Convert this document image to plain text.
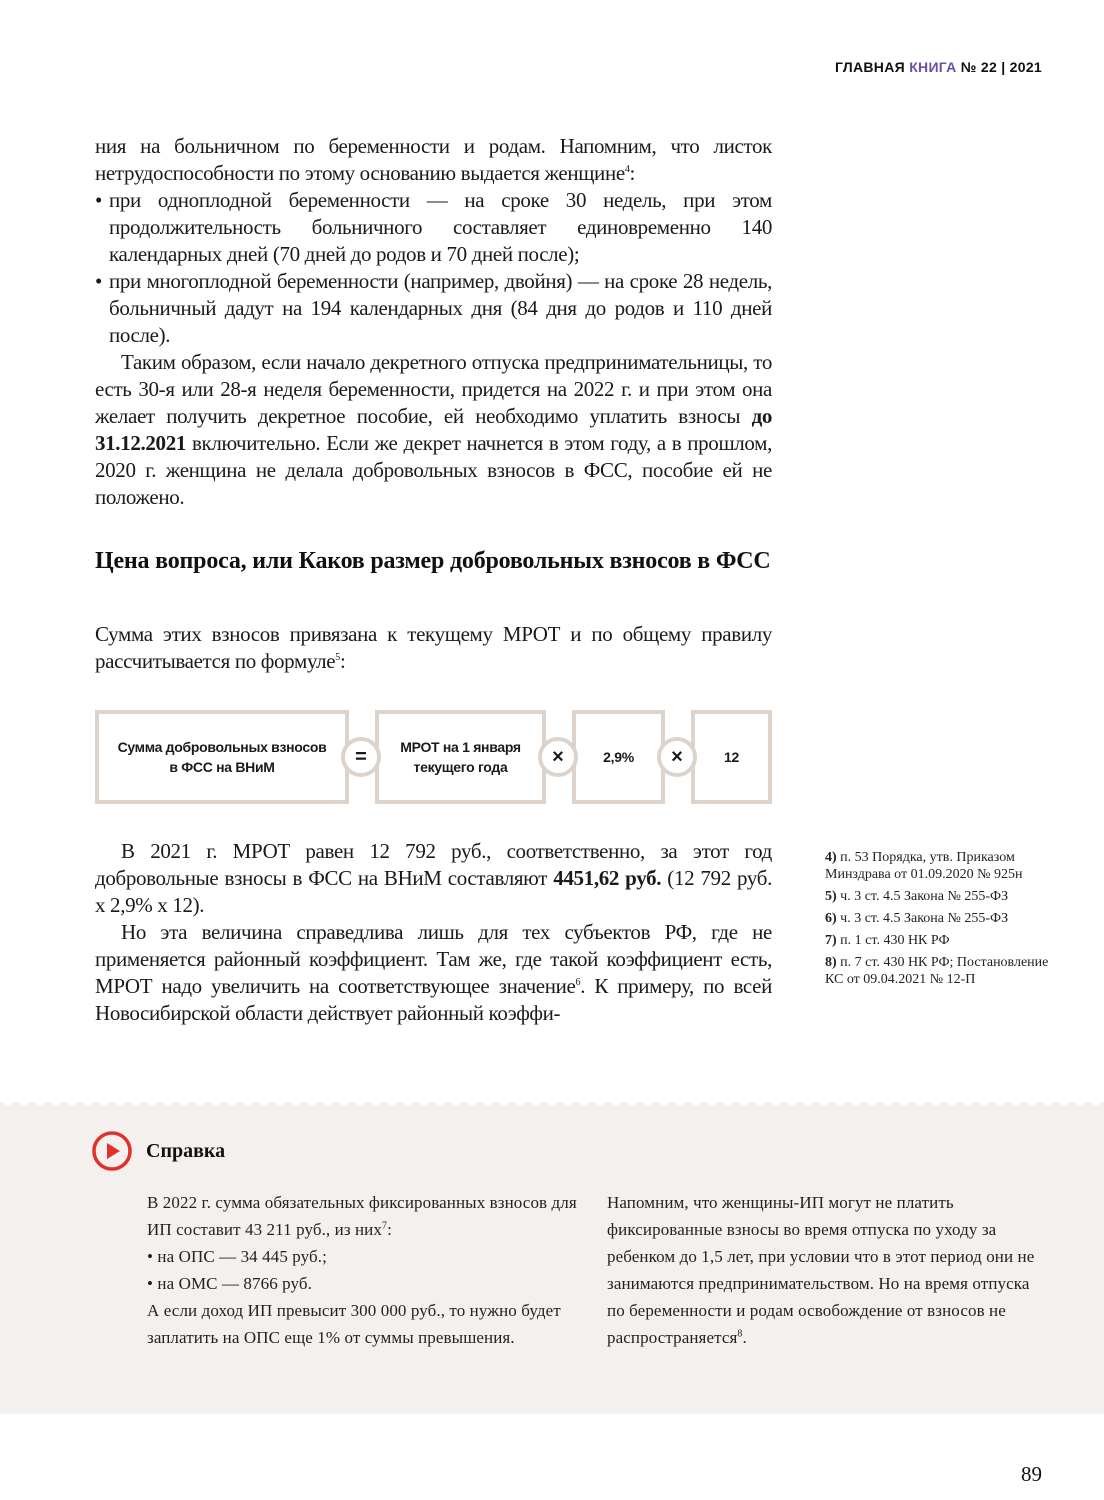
ГЛАВНАЯ КНИГА № 22 | 2021

ния на больничном по беременности и родам. Напомним, что листок нетрудоспособности по этому основанию выдается женщине$^4$:

• при одноплодной беременности — на сроке 30 недель, при этом продолжительность больничного составляет единовременно 140 календарных дней (70 дней до родов и 70 дней после);

• при многоплодной беременности (например, двойня) — на сроке 28 недель, больничный дадут на 194 календарных дня (84 дня до родов и 110 дней после).

Таким образом, если начало декретного отпуска предпринимательницы, то есть 30-я или 28-я неделя беременности, придется на 2022 г. и при этом она желает получить декретное пособие, ей необходимо уплатить взносы до 31.12.2021 включительно. Если же декрет начнется в этом году, а в прошлом, 2020 г. женщина не делала добровольных взносов в ФСС, пособие ей не положено.

Цена вопроса, или Каков размер добровольных взносов в ФСС

Сумма этих взносов привязана к текущему МРОТ и по общему правилу рассчитывается по формуле$^5$:

Сумма добровольных взносов
в ФСС на ВНиМ	=	МРОТ на 1 января
текущего года	×	2,9%	×	12

В 2021 г. МРОТ равен 12 792 руб., соответственно, за этот год добровольные взносы в ФСС на ВНиМ составляют 4451,62 руб. (12 792 руб. х 2,9% х 12).

Но эта величина справедлива лишь для тех субъектов РФ, где не применяется районный коэффициент. Там же, где такой коэффициент есть, МРОТ надо увеличить на соответствующее значение$^6$. К примеру, по всей Новосибирской области действует районный коэффи-

4) п. 53 Порядка, утв. Приказом Минздрава от 01.09.2020 № 925н

5) ч. 3 ст. 4.5 Закона № 255-ФЗ

6) ч. 3 ст. 4.5 Закона № 255-ФЗ

7) п. 1 ст. 430 НК РФ

8) п. 7 ст. 430 НК РФ; Постановление КС от 09.04.2021 № 12-П

Справка

В 2022 г. сумма обязательных фиксированных взносов для ИП составит 43 211 руб., из них$^7$:

• на ОПС — 34 445 руб.;

• на ОМС — 8766 руб.

А если доход ИП превысит 300 000 руб., то нужно будет заплатить на ОПС еще 1% от суммы превышения.

Напомним, что женщины-ИП могут не платить фиксированные взносы во время отпуска по уходу за ребенком до 1,5 лет, при условии что в этот период они не занимаются предпринимательством. Но на время отпуска по беременности и родам освобождение от взносов не распространяется$^8$.

89
